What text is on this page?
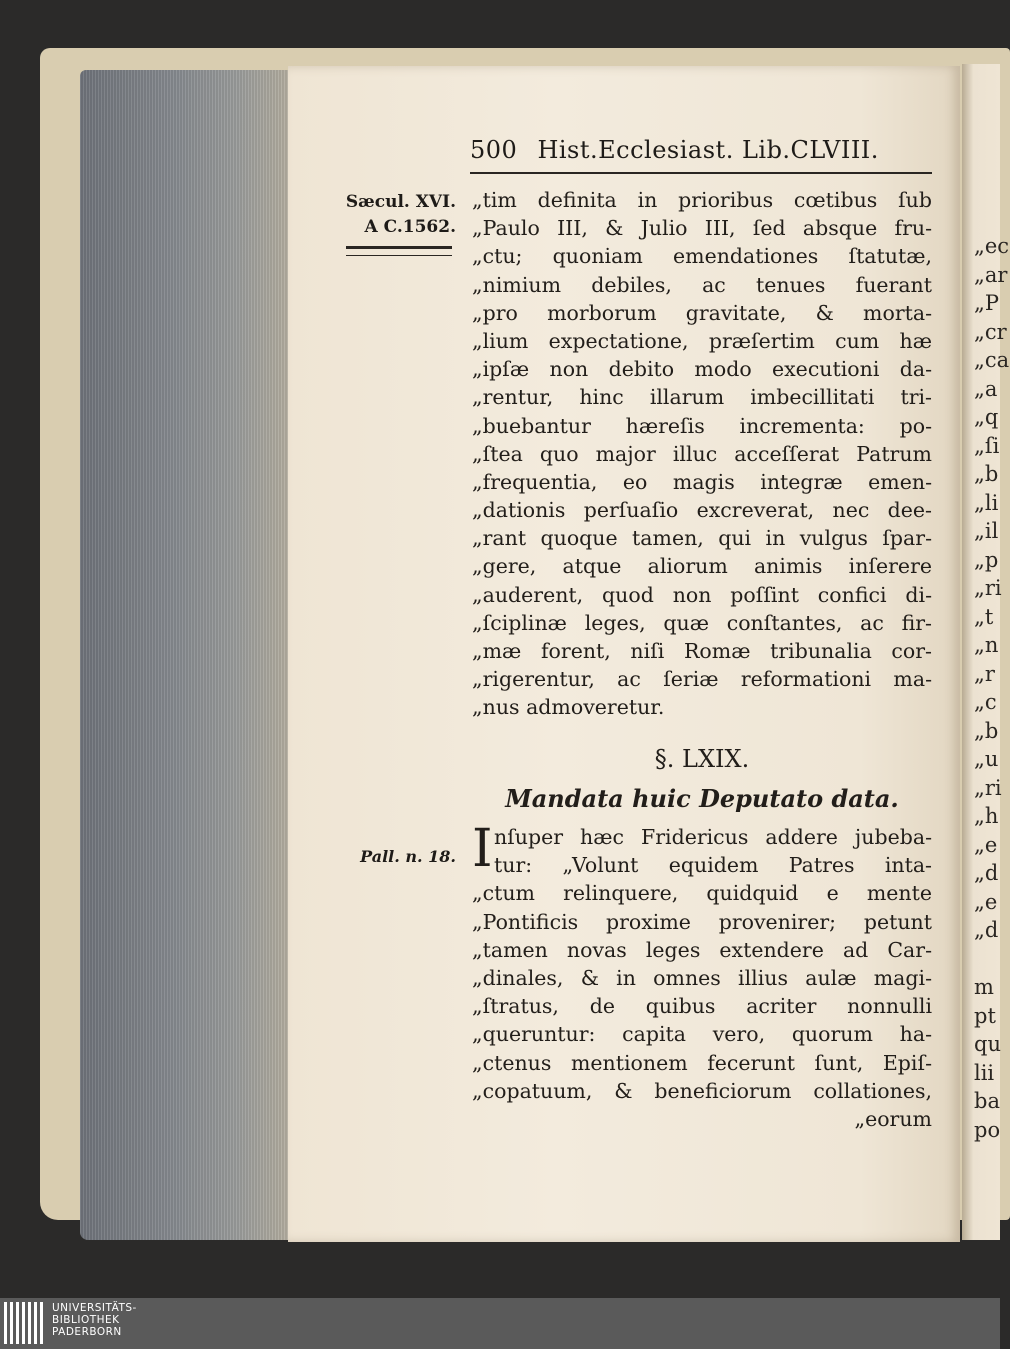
„ec
„ar
„P
„cr
„ca
„a
„q
„ſi
„b
„li
„il
„p
„ri
„t
„n
„r
„c
„b
„u
„ri
„h
„e
„d
„e
„d

m
pt
qu
lii
ba
po
500 Hist.Ecclesiast. Lib.CLVIII.
Sæcul. XVI.
A C.1562.
„tim definita in prioribus cœtibus ſub
„Paulo III, & Julio III, ſed absque fru-
„ctu; quoniam emendationes ſtatutæ,
„nimium debiles, ac tenues fuerant
„pro morborum gravitate, & morta-
„lium expectatione, præſertim cum hæ
„ipſæ non debito modo executioni da-
„rentur, hinc illarum imbecillitati tri-
„buebantur hæreſis incrementa: po-
„ſtea quo major illuc acceſſerat Patrum
„frequentia, eo magis integræ emen-
„dationis perſuaſio excreverat, nec dee-
„rant quoque tamen, qui in vulgus ſpar-
„gere, atque aliorum animis inſerere
„auderent, quod non poſſint confici di-
„ſciplinæ leges, quæ conſtantes, ac fir-
„mæ forent, niſi Romæ tribunalia cor-
„rigerentur, ac ſeriæ reformationi ma-
„nus admoveretur.
§. LXIX.
Mandata huic Deputato data.
Pall. n. 18. I nſuper hæc Fridericus addere jubeba-
tur: „Volunt equidem Patres inta-
„ctum relinquere, quidquid e mente
„Pontificis proxime provenirer; petunt
„tamen novas leges extendere ad Car-
„dinales, & in omnes illius aulæ magi-
„ſtratus, de quibus acriter nonnulli
„queruntur: capita vero, quorum ha-
„ctenus mentionem fecerunt ſunt, Epiſ-
„copatuum, & beneficiorum collationes,
„eorum
UNIVERSITÄTS-
BIBLIOTHEK
PADERBORN
